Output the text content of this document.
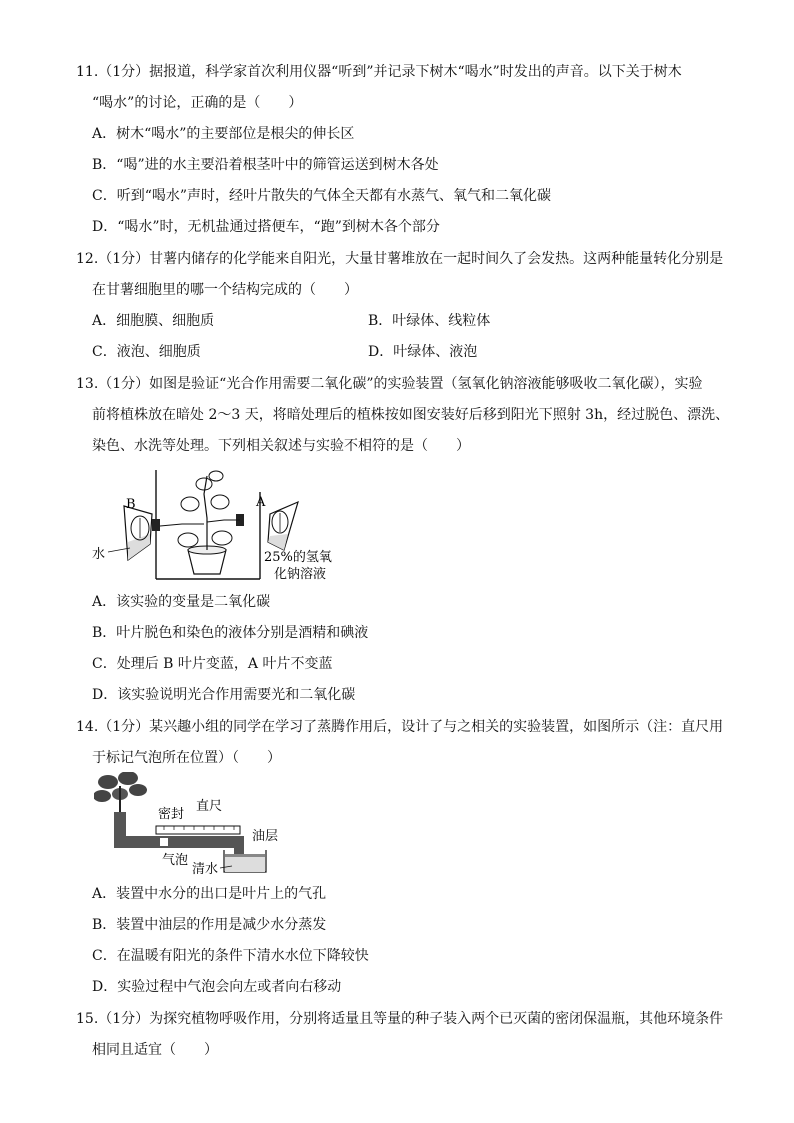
11.（1分）据报道，科学家首次利用仪器“听到”并记录下树木“喝水”时发出的声音。以下关于树木
“喝水”的讨论，正确的是（　　）
A．树木“喝水”的主要部位是根尖的伸长区
B．“喝”进的水主要沿着根茎叶中的筛管运送到树木各处
C．听到“喝水”声时，经叶片散失的气体全天都有水蒸气、氧气和二氧化碳
D．“喝水”时，无机盐通过搭便车，“跑”到树木各个部分
12.（1分）甘薯内储存的化学能来自阳光，大量甘薯堆放在一起时间久了会发热。这两种能量转化分别是
在甘薯细胞里的哪一个结构完成的（　　）
A．细胞膜、细胞质	B．叶绿体、线粒体
C．液泡、细胞质	D．叶绿体、液泡
13.（1分）如图是验证“光合作用需要二氧化碳”的实验装置（氢氧化钠溶液能够吸收二氧化碳），实验
前将植株放在暗处 2～3 天，将暗处理后的植株按如图安装好后移到阳光下照射 3h，经过脱色、漂洗、
染色、水洗等处理。下列相关叙述与实验不相符的是（　　）
B	A
水	25%的氢氧
化钠溶液
A．该实验的变量是二氧化碳
B．叶片脱色和染色的液体分别是酒精和碘液
C．处理后 B 叶片变蓝，A 叶片不变蓝
D．该实验说明光合作用需要光和二氧化碳
14.（1分）某兴趣小组的同学在学习了蒸腾作用后，设计了与之相关的实验装置，如图所示（注：直尺用
于标记气泡所在位置）（　　）
密封
直尺
油层
气泡
清水
A．装置中水分的出口是叶片上的气孔
B．装置中油层的作用是减少水分蒸发
C．在温暖有阳光的条件下清水水位下降较快
D．实验过程中气泡会向左或者向右移动
15.（1分）为探究植物呼吸作用，分别将适量且等量的种子装入两个已灭菌的密闭保温瓶，其他环境条件
相同且适宜（　　）
